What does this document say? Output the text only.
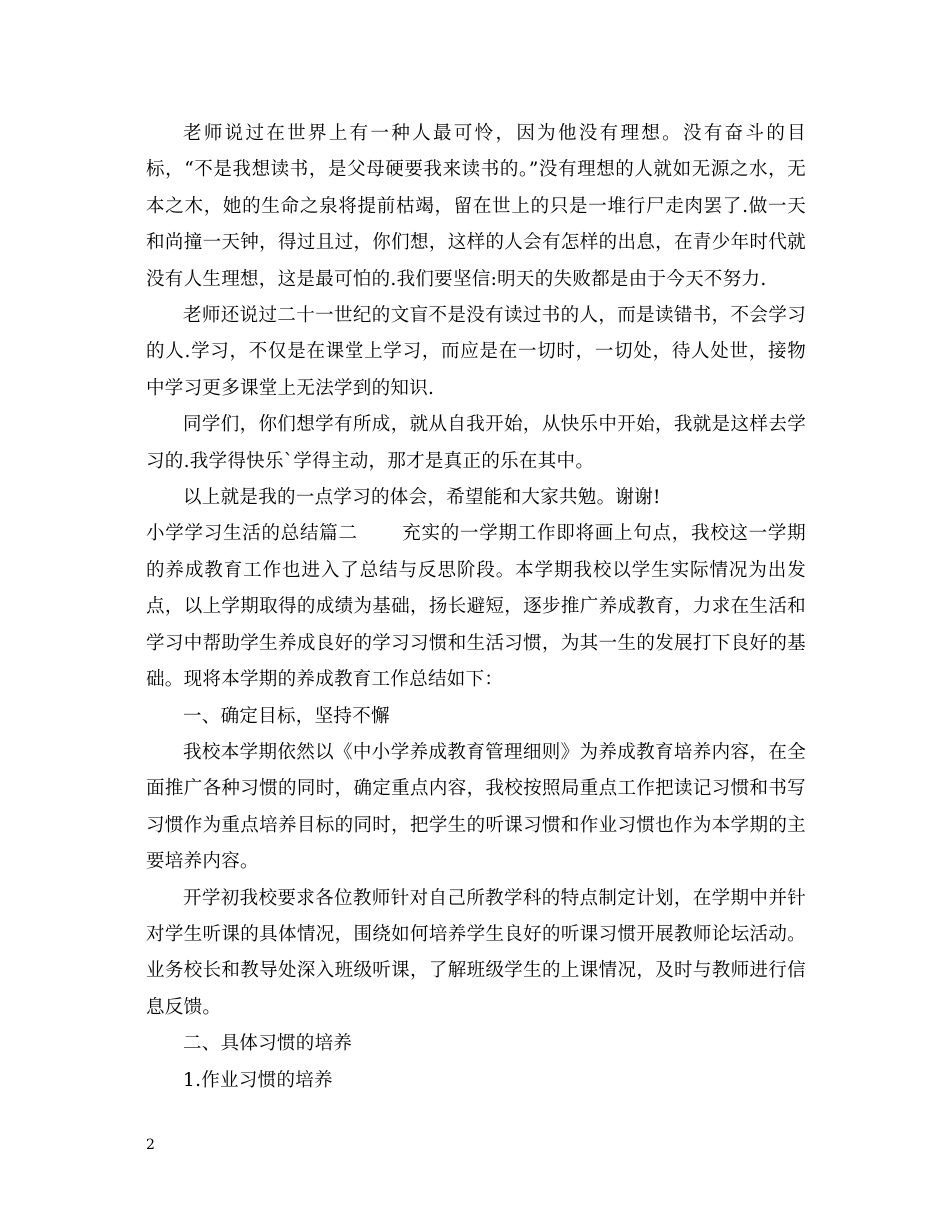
老师说过在世界上有一种人最可怜，因为他没有理想。没有奋斗的目标，“不是我想读书，是父母硬要我来读书的。”没有理想的人就如无源之水，无本之木，她的生命之泉将提前枯竭，留在世上的只是一堆行尸走肉罢了.做一天和尚撞一天钟，得过且过，你们想，这样的人会有怎样的出息，在青少年时代就没有人生理想，这是最可怕的.我们要坚信:明天的失败都是由于今天不努力.

老师还说过二十一世纪的文盲不是没有读过书的人，而是读错书，不会学习的人.学习，不仅是在课堂上学习，而应是在一切时，一切处，待人处世，接物中学习更多课堂上无法学到的知识.

同学们，你们想学有所成，就从自我开始，从快乐中开始，我就是这样去学习的.我学得快乐`学得主动，那才是真正的乐在其中。

以上就是我的一点学习的体会，希望能和大家共勉。谢谢!

小学学习生活的总结篇二 充实的一学期工作即将画上句点，我校这一学期的养成教育工作也进入了总结与反思阶段。本学期我校以学生实际情况为出发点，以上学期取得的成绩为基础，扬长避短，逐步推广养成教育，力求在生活和学习中帮助学生养成良好的学习习惯和生活习惯，为其一生的发展打下良好的基础。现将本学期的养成教育工作总结如下：

一、确定目标，坚持不懈

我校本学期依然以《中小学养成教育管理细则》为养成教育培养内容，在全面推广各种习惯的同时，确定重点内容，我校按照局重点工作把读记习惯和书写习惯作为重点培养目标的同时，把学生的听课习惯和作业习惯也作为本学期的主要培养内容。

开学初我校要求各位教师针对自己所教学科的特点制定计划，在学期中并针对学生听课的具体情况，围绕如何培养学生良好的听课习惯开展教师论坛活动。业务校长和教导处深入班级听课，了解班级学生的上课情况，及时与教师进行信息反馈。

二、具体习惯的培养

1.作业习惯的培养

2
